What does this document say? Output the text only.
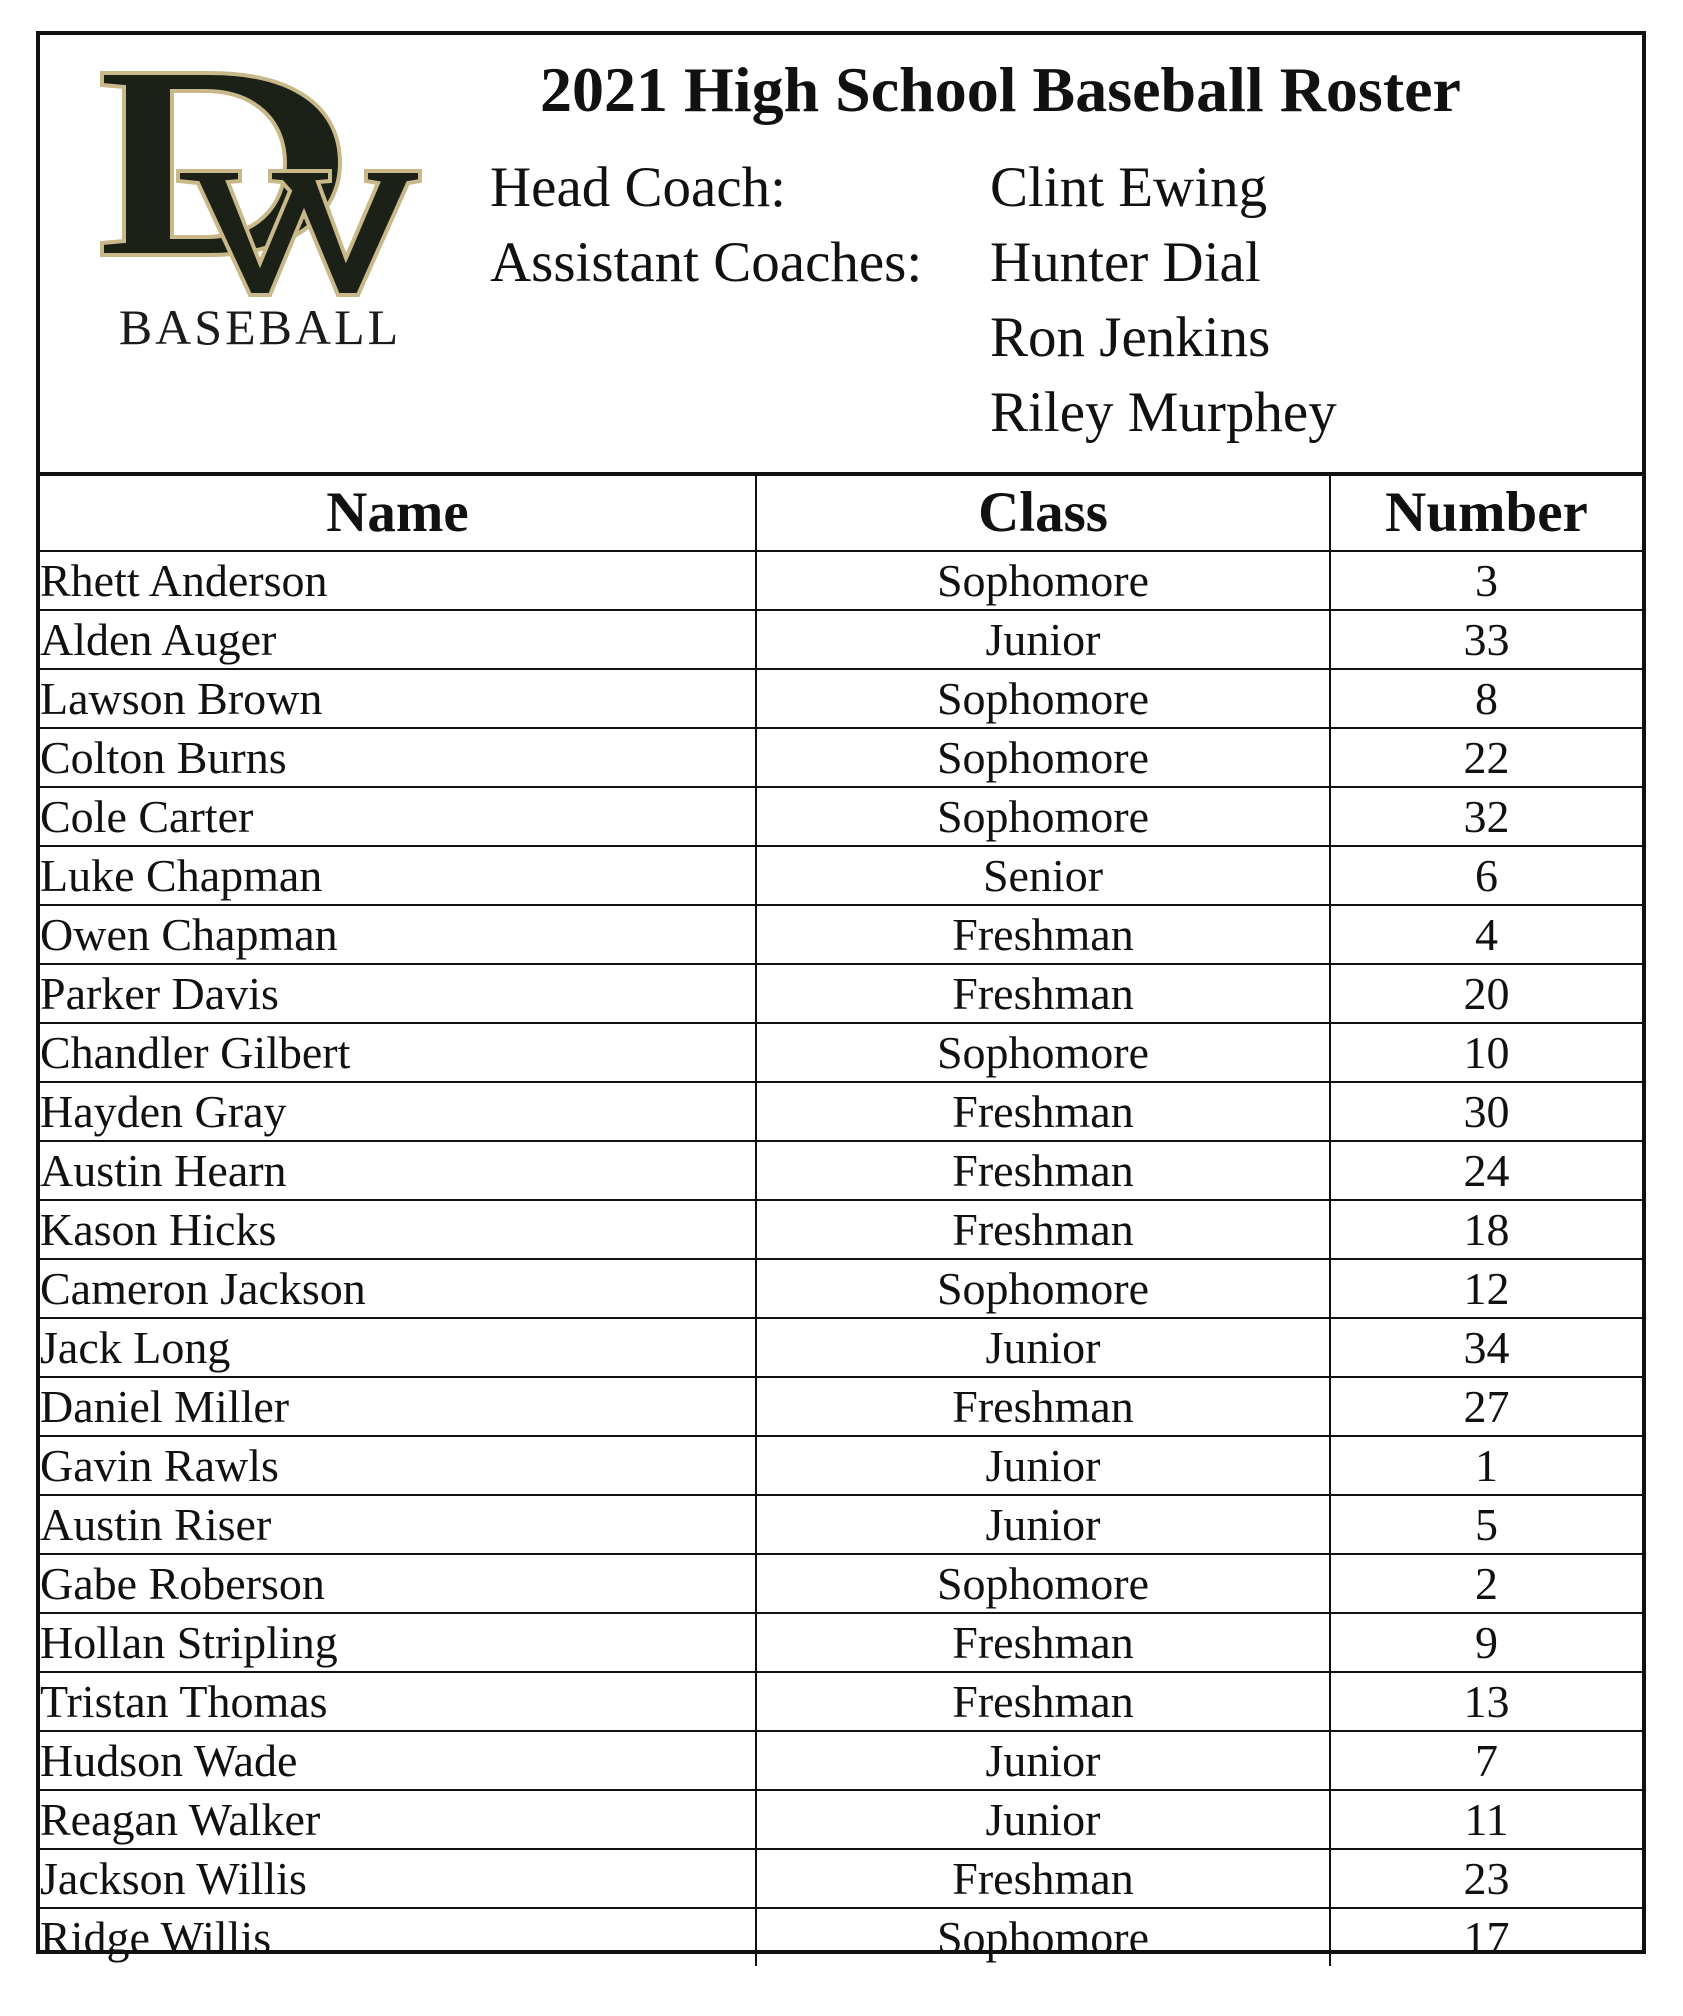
BASEBALL
2021 High School Baseball Roster
Head Coach:	Clint Ewing
Assistant Coaches: Hunter Dial
Ron Jenkins
Riley Murphey
Name	Class	Number
Rhett Anderson	Sophomore	3
Alden Auger	Junior	33
Lawson Brown	Sophomore	8
Colton Burns	Sophomore	22
Cole Carter	Sophomore	32
Luke Chapman	Senior	6
Owen Chapman	Freshman	4
Parker Davis	Freshman	20
Chandler Gilbert	Sophomore	10
Hayden Gray	Freshman	30
Austin Hearn	Freshman	24
Kason Hicks	Freshman	18
Cameron Jackson	Sophomore	12
Jack Long	Junior	34
Daniel Miller	Freshman	27
Gavin Rawls	Junior	1
Austin Riser	Junior	5
Gabe Roberson	Sophomore	2
Hollan Stripling	Freshman	9
Tristan Thomas	Freshman	13
Hudson Wade	Junior	7
Reagan Walker	Junior	11
Jackson Willis	Freshman	23
Ridge Willis	Sophomore	17
